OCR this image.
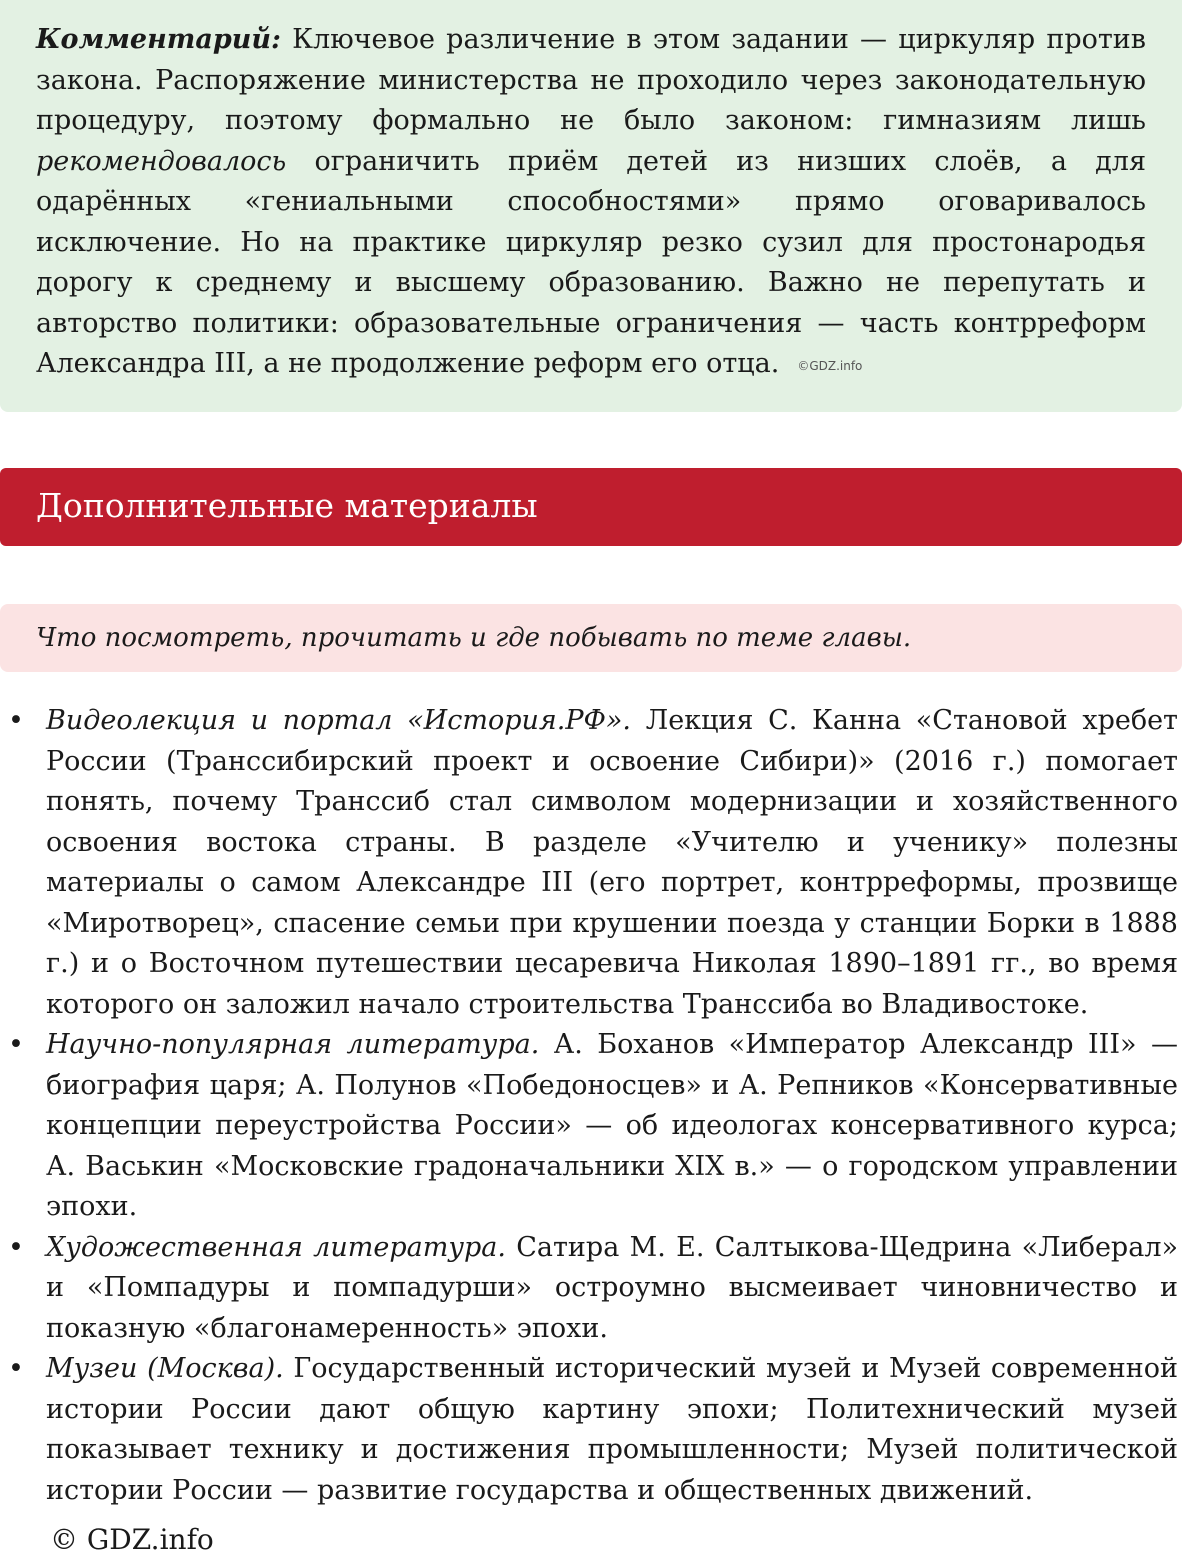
Комментарий: Ключевое различение в этом задании — циркуляр против закона. Распоряжение министерства не проходило через законодательную процедуру, поэтому формально не было законом: гимназиям лишь рекомендовалось ограничить приём детей из низших слоёв, а для одарённых «гениальными способностями» прямо оговаривалось исключение. Но на практике циркуляр резко сузил для простонародья дорогу к среднему и высшему образованию. Важно не перепутать и авторство политики: образовательные ограничения — часть контрреформ Александра III, а не продолжение реформ его отца. ©GDZ.info
Дополнительные материалы
Что посмотреть, прочитать и где побывать по теме главы.
• Видеолекция и портал «История.РФ». Лекция С. Канна «Становой хребет России (Транссибирский проект и освоение Сибири)» (2016 г.) помогает понять, почему Транссиб стал символом модернизации и хозяйственного освоения востока страны. В разделе «Учителю и ученику» полезны материалы о самом Александре III (его портрет, контрреформы, прозвище «Миротворец», спасение семьи при крушении поезда у станции Борки в 1888 г.) и о Восточном путешествии цесаревича Николая 1890–1891 гг., во время которого он заложил начало строительства Транссиба во Владивостоке.
• Научно-популярная литература. А. Боханов «Император Александр III» — биография царя; А. Полунов «Победоносцев» и А. Репников «Консервативные концепции переустройства России» — об идеологах консервативного курса; А. Васькин «Московские градоначальники XIX в.» — о городском управлении эпохи.
• Художественная литература. Сатира М. Е. Салтыкова-Щедрина «Либерал» и «Помпадуры и помпадурши» остроумно высмеивает чиновничество и показную «благонамеренность» эпохи.
• Музеи (Москва). Государственный исторический музей и Музей современной истории России дают общую картину эпохи; Политехнический музей показывает технику и достижения промышленности; Музей политической истории России — развитие государства и общественных движений.
© GDZ.info
